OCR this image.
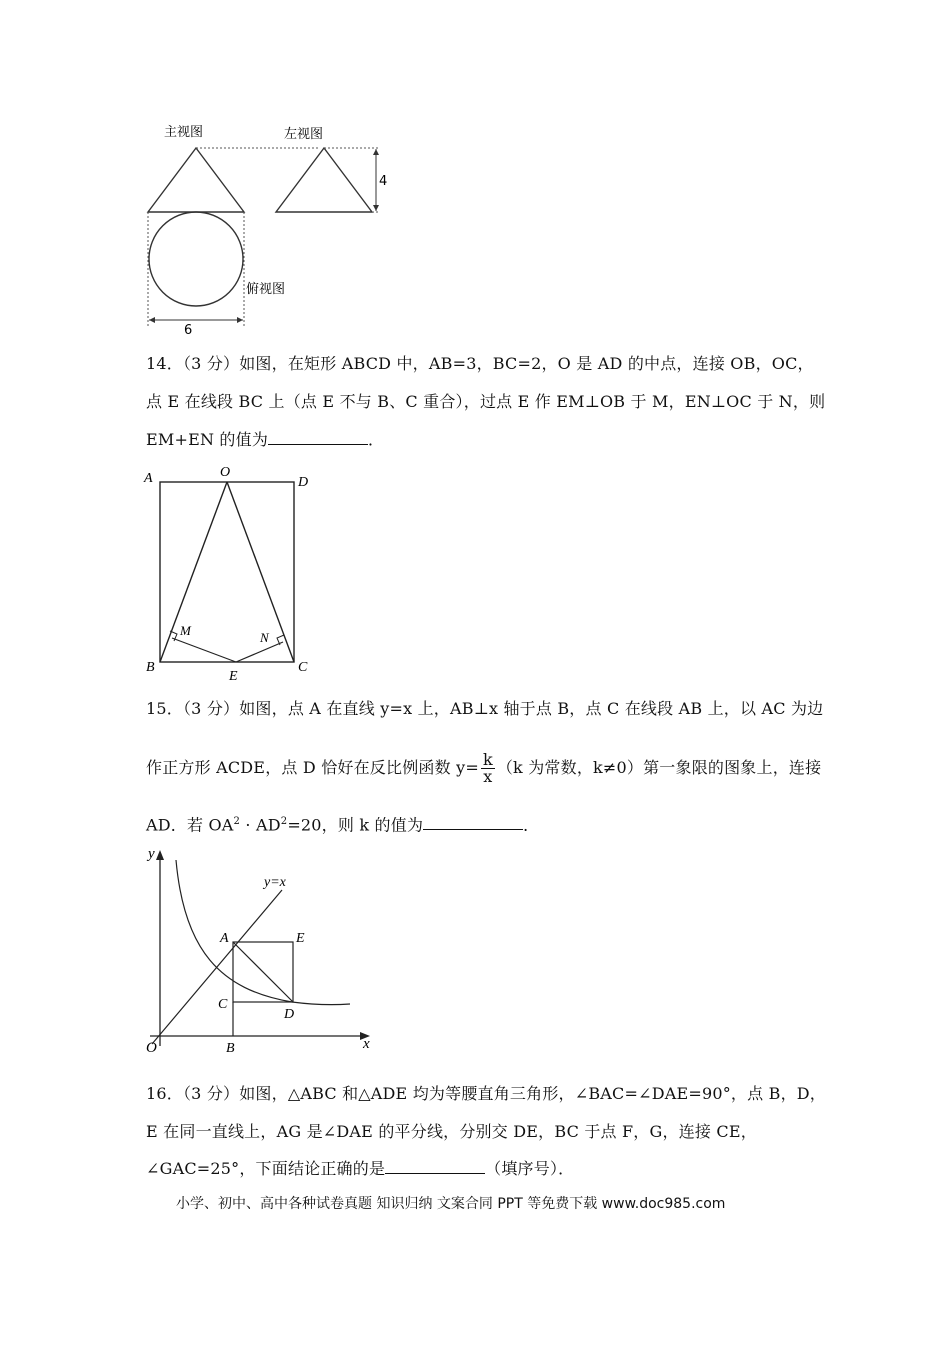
主视图
俯视图
6
左视图
4
14．（3 分）如图，在矩形 ABCD 中，AB=3，BC=2，O 是 AD 的中点，连接 OB，OC，
点 E 在线段 BC 上（点 E 不与 B、C 重合），过点 E 作 EM⊥OB 于 M，EN⊥OC 于 N，则
EM+EN 的值为	．
A	O
D
M	N
B
E
C
15．（3 分）如图，点 A 在直线 y=x 上，AB⊥x 轴于点 B，点 C 在线段 AB 上，以 AC 为边
作正方形 ACDE，点 D 恰好在反比例函数 $y= \frac{k}{x} (k$ 为常数，k≠0）第一象限的图象上，连接
AD．若 $OA^2 \cdot AD^2=20$，则 k 的值为	．
y
y=x
A	E
C
D
O	B	x
16．（3 分）如图，△ABC 和△ADE 均为等腰直角三角形，∠BAC=∠DAE=90°，点 B，D，
E 在同一直线上，AG 是∠DAE 的平分线，分别交 DE，BC 于点 F，G，连接 CE，
∠GAC=25°，下面结论正确的是	（填序号）．
小学、初中、高中各种试卷真题 知识归纳 文案合同 PPT 等免费下载 www.doc985.com
